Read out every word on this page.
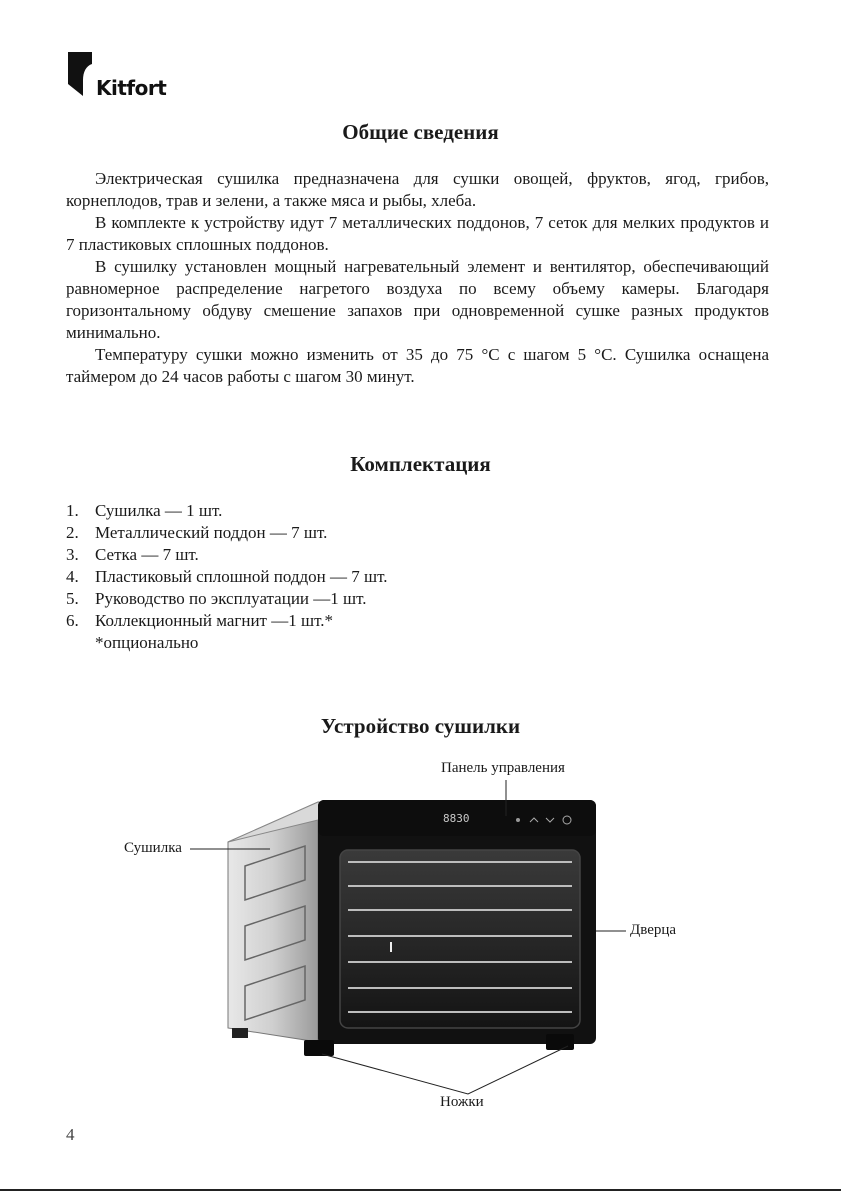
Kitfort
Общие сведения

Электрическая сушилка предназначена для сушки овощей, фруктов, ягод, грибов, корнеплодов, трав и зелени, а также мяса и рыбы, хлеба.

В комплекте к устройству идут 7 металлических поддонов, 7 сеток для мелких продуктов и 7 пластиковых сплошных поддонов.

В сушилку установлен мощный нагревательный элемент и вентилятор, обеспечивающий равномерное распределение нагретого воздуха по всему объему камеры. Благодаря горизонтальному обдуву смешение запахов при одновременной сушке разных продуктов минимально.

Температуру сушки можно изменить от 35 до 75 °С с шагом 5 °С. Сушилка оснащена таймером до 24 часов работы с шагом 30 минут.

Комплектация
1. Сушилка — 1 шт.
2. Металлический поддон — 7 шт.
3. Сетка — 7 шт.
4. Пластиковый сплошной поддон — 7 шт.
5. Руководство по эксплуатации —1 шт.
6. Коллекционный магнит —1 шт.*
*опционально
Устройство сушилки
8830
Панель управления
Сушилка
Дверца
Ножки
4
